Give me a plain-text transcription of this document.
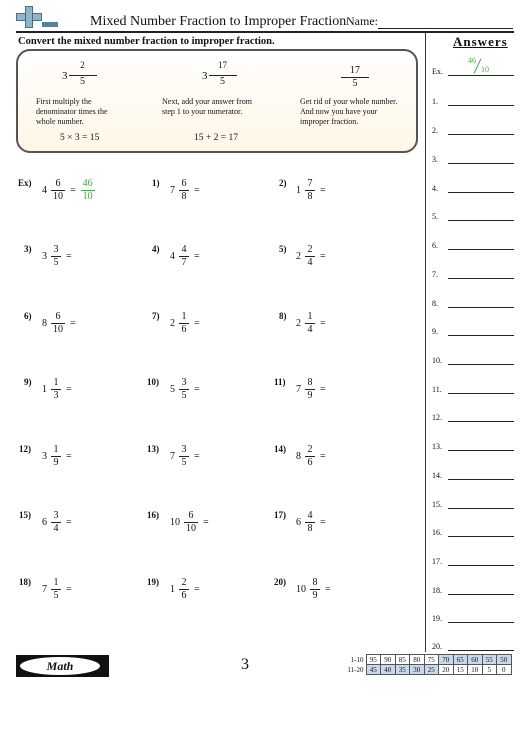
Mixed Number Fraction to Improper Fraction Name:
Answers
Ex.
46
10
1.
2.
3.
4.
5.
6.
7.
8.
9.
10.
11.
12.
13.
14.
15.
16.
17.
18.
19.
20.
Convert the mixed number fraction to improper fraction.
$3 \frac{2}{5}$
First multiply the
denominator times the
whole number.
5 × 3 = 15
$3 \frac{17}{5}$
Next, add your answer from
step 1 to your numerator.
15 + 2 = 17
$\frac{17}{5}$
Get rid of your whole number.
And now you have your
improper fraction.
Ex)
$4 \frac{6}{10} = \frac{46}{10}$	1)
$7 \frac{6}{8}$ =
2)
$1 \frac{7}{8}$ =
3)
$3 \frac{3}{5}$ =
4)
$4 \frac{4}{7}$ =
5)
$2 \frac{2}{4}$ =
6)
$8 \frac{6}{10}$ =
7)
$2 \frac{1}{6}$ =
8)
$2 \frac{1}{4}$ =
9)
$1 \frac{1}{3}$ =
10)
$5 \frac{3}{5}$ =
11)
$7 \frac{8}{9}$ =
12)
$3 \frac{1}{9}$ =
13)
$7 \frac{3}{5}$ =
14)
$8 \frac{2}{6}$ =
15)
$6 \frac{3}{4}$ =
16)
$10 \frac{6}{10}$ =
17)
$6 \frac{4}{8}$ =
18)
$7 \frac{1}{5}$ =
19)
$1 \frac{2}{6}$ =
20)
$10 \frac{8}{9}$ =
Math	3	1-10	95	90	85	80	75	70	65	60	55	50
11-20	45	40	35	30	25	20	15	10	5	0
